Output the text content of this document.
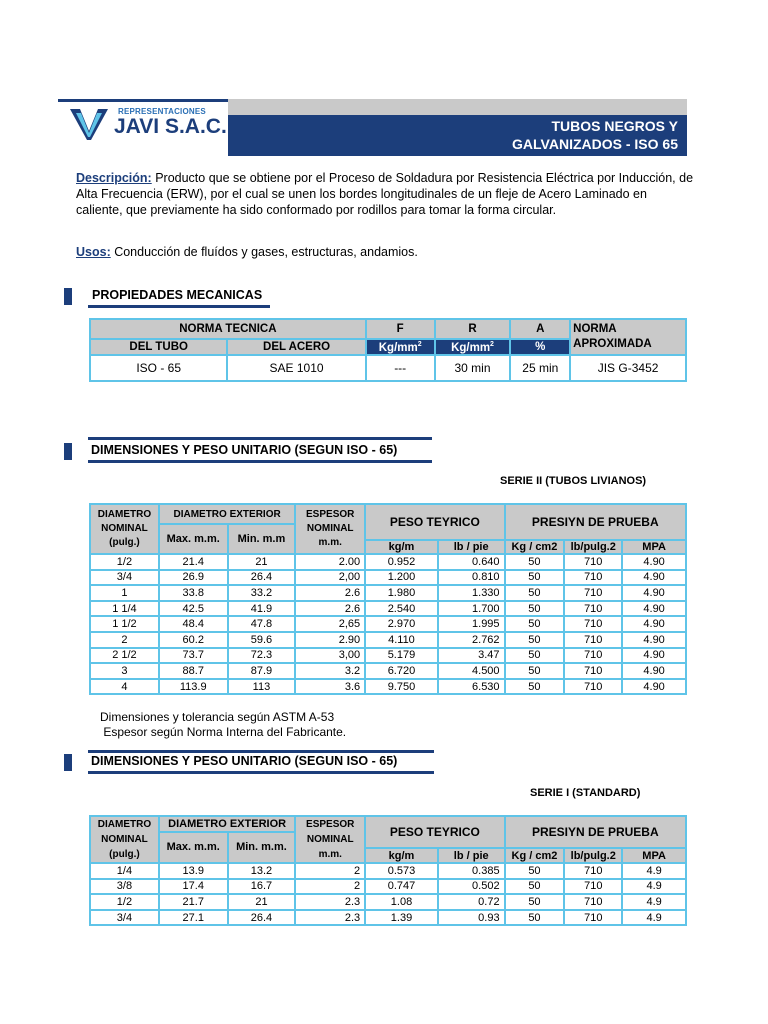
TUBOS NEGROS Y
GALVANIZADOS - ISO 65
REPRESENTACIONES
JAVI S.A.C.
Descripción: Producto que se obtiene por el Proceso de Soldadura por Resistencia Eléctrica por Inducción, de Alta Frecuencia (ERW), por el cual se unen los bordes longitudinales de un fleje de Acero Laminado en caliente, que previamente ha sido conformado por rodillos para tomar la forma circular.
Usos: Conducción de fluídos y gases, estructuras, andamios.
PROPIEDADES MECANICAS
NORMA TECNICA		F	R	A	NORMA APROXIMADA
DEL TUBO	DEL ACERO	$Kg/mm^2$	$Kg/mm^2$	%	
ISO - 65	SAE 1010	---	30 min	25 min	JIS G-3452
DIMENSIONES Y PESO UNITARIO (SEGUN ISO - 65)
SERIE II (TUBOS LIVIANOS)
DIAMETRO NOMINAL (pulg.)	DIAMETRO EXTERIOR		ESPESOR NOMINAL m.m.	PESO TEYRICO		PRESIYN DE PRUEBA		
	Max. m.m.	Min. m.m						
				kg/m	lb / pie	Kg / cm2	lb/pulg.2	MPA
1/2	21.4	21	2.00	0.952	0.640	50	710	4.90
3/4	26.9	26.4	2,00	1.200	0.810	50	710	4.90
1	33.8	33.2	2.6	1.980	1.330	50	710	4.90
1 1/4	42.5	41.9	2.6	2.540	1.700	50	710	4.90
1 1/2	48.4	47.8	2,65	2.970	1.995	50	710	4.90
2	60.2	59.6	2.90	4.110	2.762	50	710	4.90
2 1/2	73.7	72.3	3,00	5.179	3.47	50	710	4.90
3	88.7	87.9	3.2	6.720	4.500	50	710	4.90
4	113.9	113	3.6	9.750	6.530	50	710	4.90
Dimensiones y tolerancia según ASTM A-53
Espesor según Norma Interna del Fabricante.
DIMENSIONES Y PESO UNITARIO (SEGUN ISO - 65)
SERIE I (STANDARD)
DIAMETRO NOMINAL (pulg.)	DIAMETRO EXTERIOR		ESPESOR NOMINAL m.m.	PESO TEYRICO		PRESIYN DE PRUEBA		
	Max. m.m.	Min. m.m.						
				kg/m	lb / pie	Kg / cm2	lb/pulg.2	MPA
1/4	13.9	13.2	2	0.573	0.385	50	710	4.9
3/8	17.4	16.7	2	0.747	0.502	50	710	4.9
1/2	21.7	21	2.3	1.08	0.72	50	710	4.9
3/4	27.1	26.4	2.3	1.39	0.93	50	710	4.9
